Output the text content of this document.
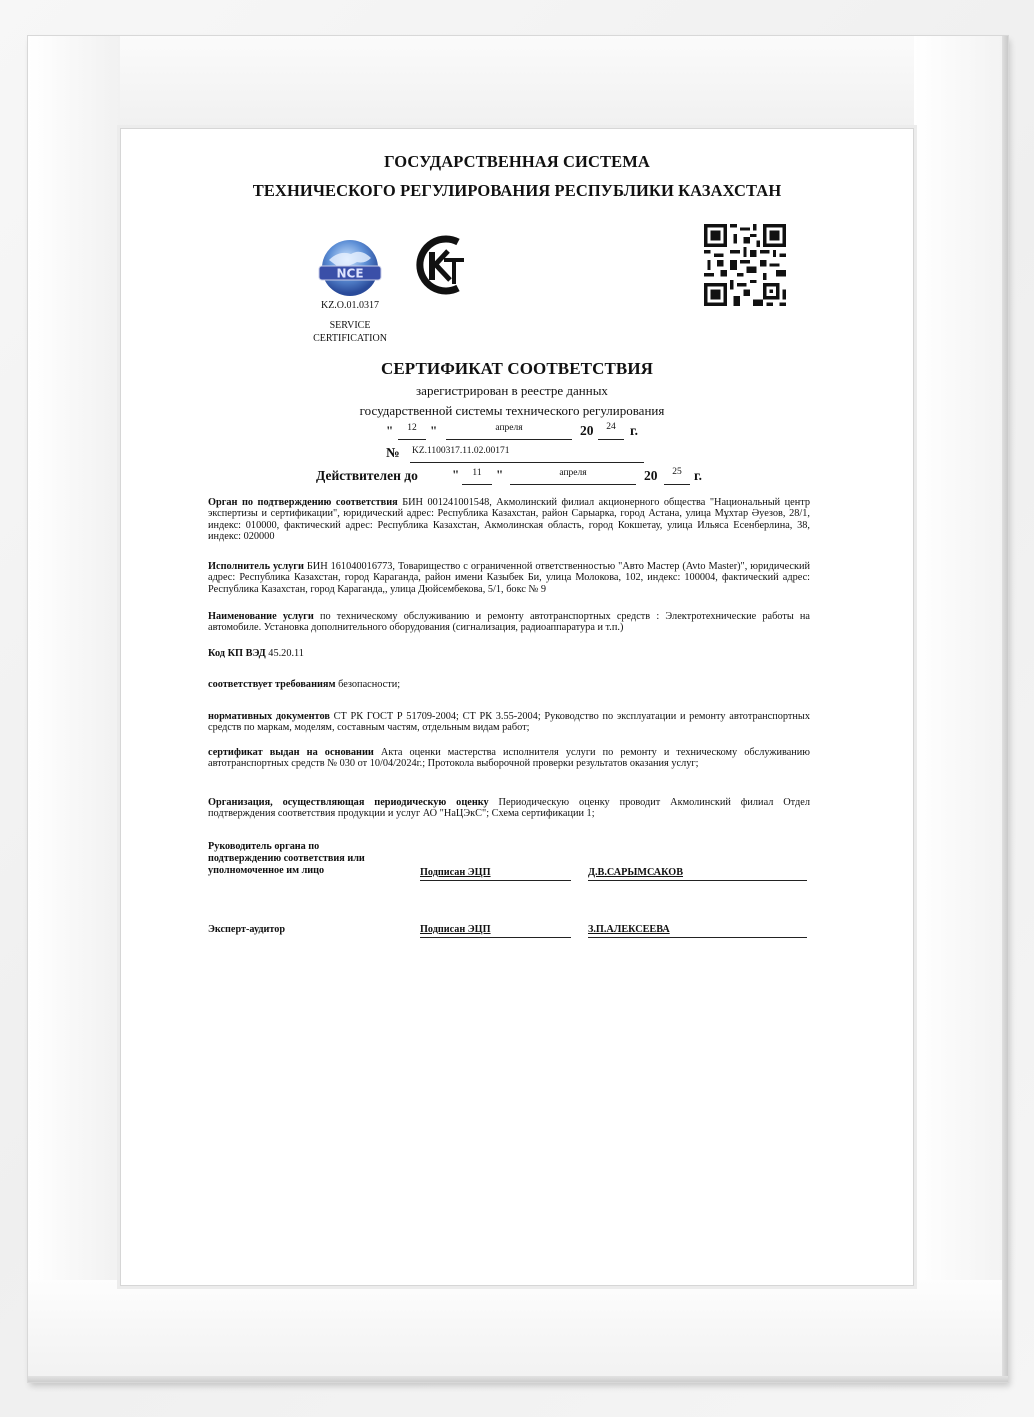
ГОСУДАРСТВЕННАЯ СИСТЕМА
ТЕХНИЧЕСКОГО РЕГУЛИРОВАНИЯ РЕСПУБЛИКИ КАЗАХСТАН
NCE
KZ.O.01.0317
SERVICE
CERTIFICATION
СЕРТИФИКАТ СООТВЕТСТВИЯ
зарегистрирован в реестре данных
государственной системы технического регулирования
"	12	"	апреля	20	24	г.
№ KZ.1100317.11.02.00171
Действителен до	"	11	"	апреля	20	25 г.
Орган по подтверждению соответствия БИН 001241001548, Акмолинский филиал акционерного общества "Национальный центр экспертизы и сертификации", юридический адрес: Республика Казахстан, район Сарыарка, город Астана, улица Мұхтар Әуезов, 28/1, индекс: 010000, фактический адрес: Республика Казахстан, Акмолинская область, город Кокшетау, улица Ильяса Есенберлина, 38, индекс: 020000
Исполнитель услуги БИН 161040016773, Товарищество с ограниченной ответственностью "Авто Мастер (Avto Master)", юридический адрес: Республика Казахстан, город Караганда, район имени Казыбек Би, улица Молокова, 102, индекс: 100004, фактический адрес: Республика Казахстан, город Караганда,, улица Дюйсембекова, 5/1, бокс № 9
Наименование услуги по техническому обслуживанию и ремонту автотранспортных средств : Электротехнические работы на автомобиле. Установка дополнительного оборудования (сигнализация, радиоаппаратура и т.п.)
Код КП ВЭД 45.20.11
соответствует требованиям безопасности;
нормативных документов СТ РК ГОСТ Р 51709-2004; СТ РК 3.55-2004; Руководство по эксплуатации и ремонту автотранспортных средств по маркам, моделям, составным частям, отдельным видам работ;
сертификат выдан на основании Акта оценки мастерства исполнителя услуги по ремонту и техническому обслуживанию автотранспортных средств № 030 от 10/04/2024г.; Протокола выборочной проверки результатов оказания услуг;
Организация, осуществляющая периодическую оценку Периодическую оценку проводит Акмолинский филиал Отдел подтверждения соответствия продукции и услуг АО "НаЦЭкС"; Схема сертификации 1;
Руководитель органа по
подтверждению соответствия или
уполномоченное им лицо	Подписан ЭЦП	Д.В.САРЫМСАКОВ
Эксперт-аудитор	Подписан ЭЦП	З.П.АЛЕКСЕЕВА
